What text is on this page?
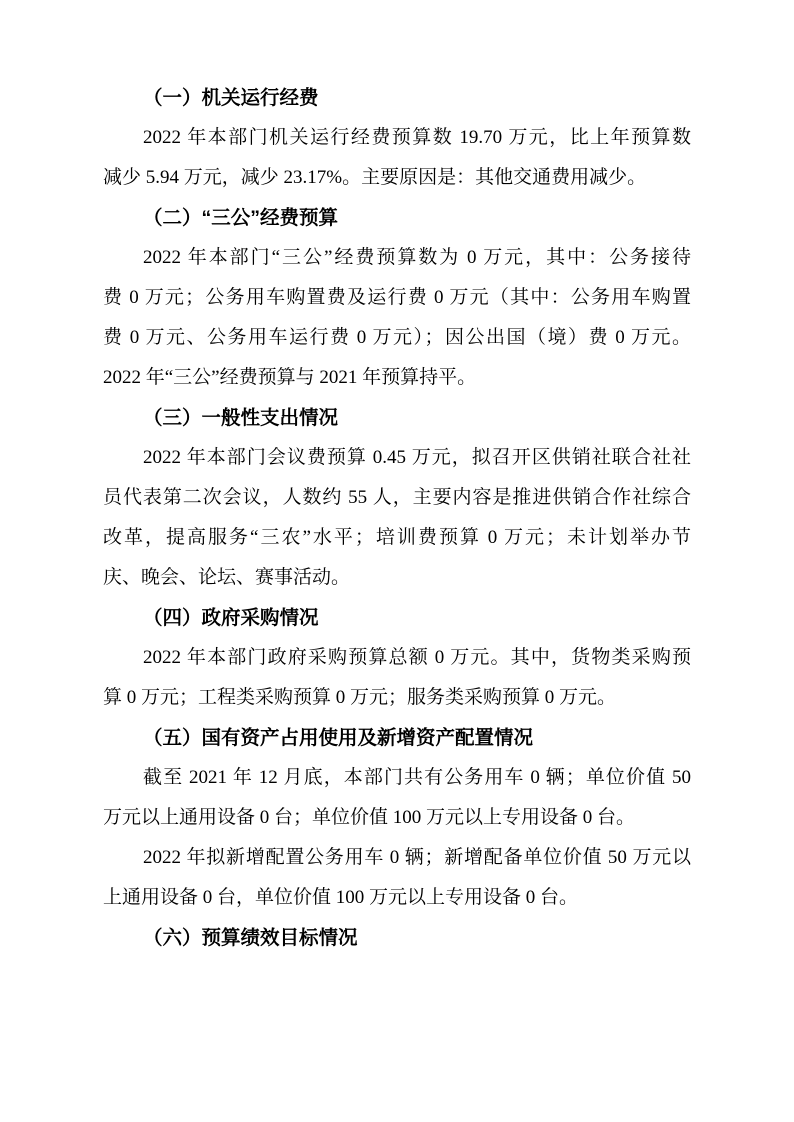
（一）机关运行经费
2022 年本部门机关运行经费预算数 19.70 万元，比上年预算数
减少 5.94 万元，减少 23.17%。主要原因是：其他交通费用减少。
（二）“三公”经费预算
2022 年本部门“三公”经费预算数为 0 万元，其中：公务接待
费 0 万元；公务用车购置费及运行费 0 万元（其中：公务用车购置
费 0 万元、公务用车运行费 0 万元）；因公出国（境）费 0 万元。
2022 年“三公”经费预算与 2021 年预算持平。
（三）一般性支出情况
2022 年本部门会议费预算 0.45 万元，拟召开区供销社联合社社
员代表第二次会议，人数约 55 人，主要内容是推进供销合作社综合
改革，提高服务“三农”水平；培训费预算 0 万元；未计划举办节
庆、晚会、论坛、赛事活动。
（四）政府采购情况
2022 年本部门政府采购预算总额 0 万元。其中，货物类采购预
算 0 万元；工程类采购预算 0 万元；服务类采购预算 0 万元。
（五）国有资产占用使用及新增资产配置情况
截至 2021 年 12 月底，本部门共有公务用车 0 辆；单位价值 50
万元以上通用设备 0 台；单位价值 100 万元以上专用设备 0 台。
2022 年拟新增配置公务用车 0 辆；新增配备单位价值 50 万元以
上通用设备 0 台，单位价值 100 万元以上专用设备 0 台。
（六）预算绩效目标情况
